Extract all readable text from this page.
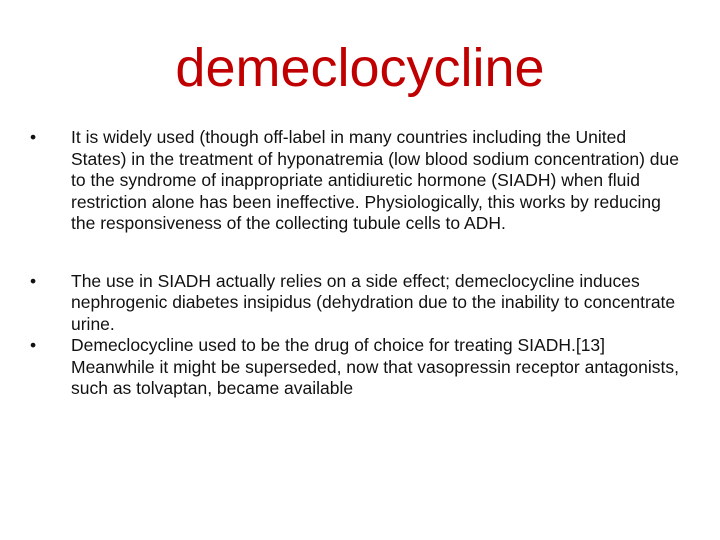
demeclocycline
•	It is widely used (though off-label in many countries including the United States) in the treatment of hyponatremia (low blood sodium concentration) due to the syndrome of inappropriate antidiuretic hormone (SIADH) when fluid restriction alone has been ineffective. Physiologically, this works by reducing the responsiveness of the collecting tubule cells to ADH.
•	The use in SIADH actually relies on a side effect; demeclocycline induces nephrogenic diabetes insipidus (dehydration due to the inability to concentrate urine.
•	Demeclocycline used to be the drug of choice for treating SIADH.[13] Meanwhile it might be superseded, now that vasopressin receptor antagonists, such as tolvaptan, became available
